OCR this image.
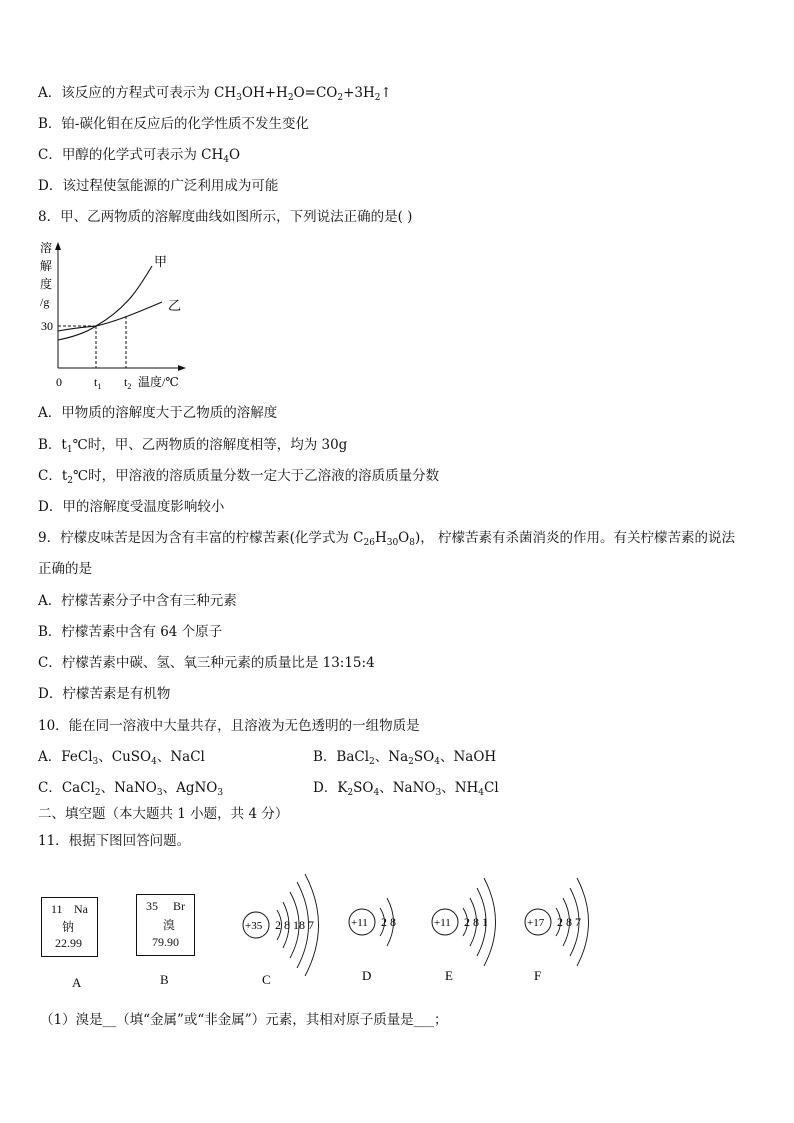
A．该反应的方程式可表示为 $CH_3OH+H_2O=CO_2+3H_2↑$
B．铂-碳化钼在反应后的化学性质不发生变化
C．甲醇的化学式可表示为 $CH_4O$
D．该过程使氢能源的广泛利用成为可能
8．甲、乙两物质的溶解度曲线如图所示，下列说法正确的是( )
溶
解
度
/g
30
甲
乙
0	$t_1$ $t_2$ 温度/℃
A．甲物质的溶解度大于乙物质的溶解度
B．$t_1℃$时，甲、乙两物质的溶解度相等，均为 30g
C．$t_2℃$时，甲溶液的溶质质量分数一定大于乙溶液的溶质质量分数
D．甲的溶解度受温度影响较小
9．柠檬皮味苦是因为含有丰富的柠檬苦素(化学式为 $C_{26}H_{30}O_8$)， 柠檬苦素有杀菌消炎的作用。有关柠檬苦素的说法
正确的是
A．柠檬苦素分子中含有三种元素
B．柠檬苦素中含有 64 个原子
C．柠檬苦素中碳、氢、氧三种元素的质量比是 13:15:4
D．柠檬苦素是有机物
10．能在同一溶液中大量共存，且溶液为无色透明的一组物质是
A．FeCl$_3$、CuSO$_4$、NaCl	B．BaCl$_2$、$Na_2SO_4$、NaOH
C．CaCl$_2$、NaNO$_3$、AgNO$_3$	D．$K_2SO_4$、NaNO$_3$、$NH_4Cl$
二、填空题（本大题共 1 小题，共 4 分）
11．根据下图回答问题。
11 Na
钠
22.99
A
35 Br
溴
79.90
B
+35 2 8 18 7
C
+11 2 8
D
+11 2 8 1
E
+17 2 8 7
F
（1）溴是__（填“金属”或“非金属”）元素，其相对原子质量是___；
